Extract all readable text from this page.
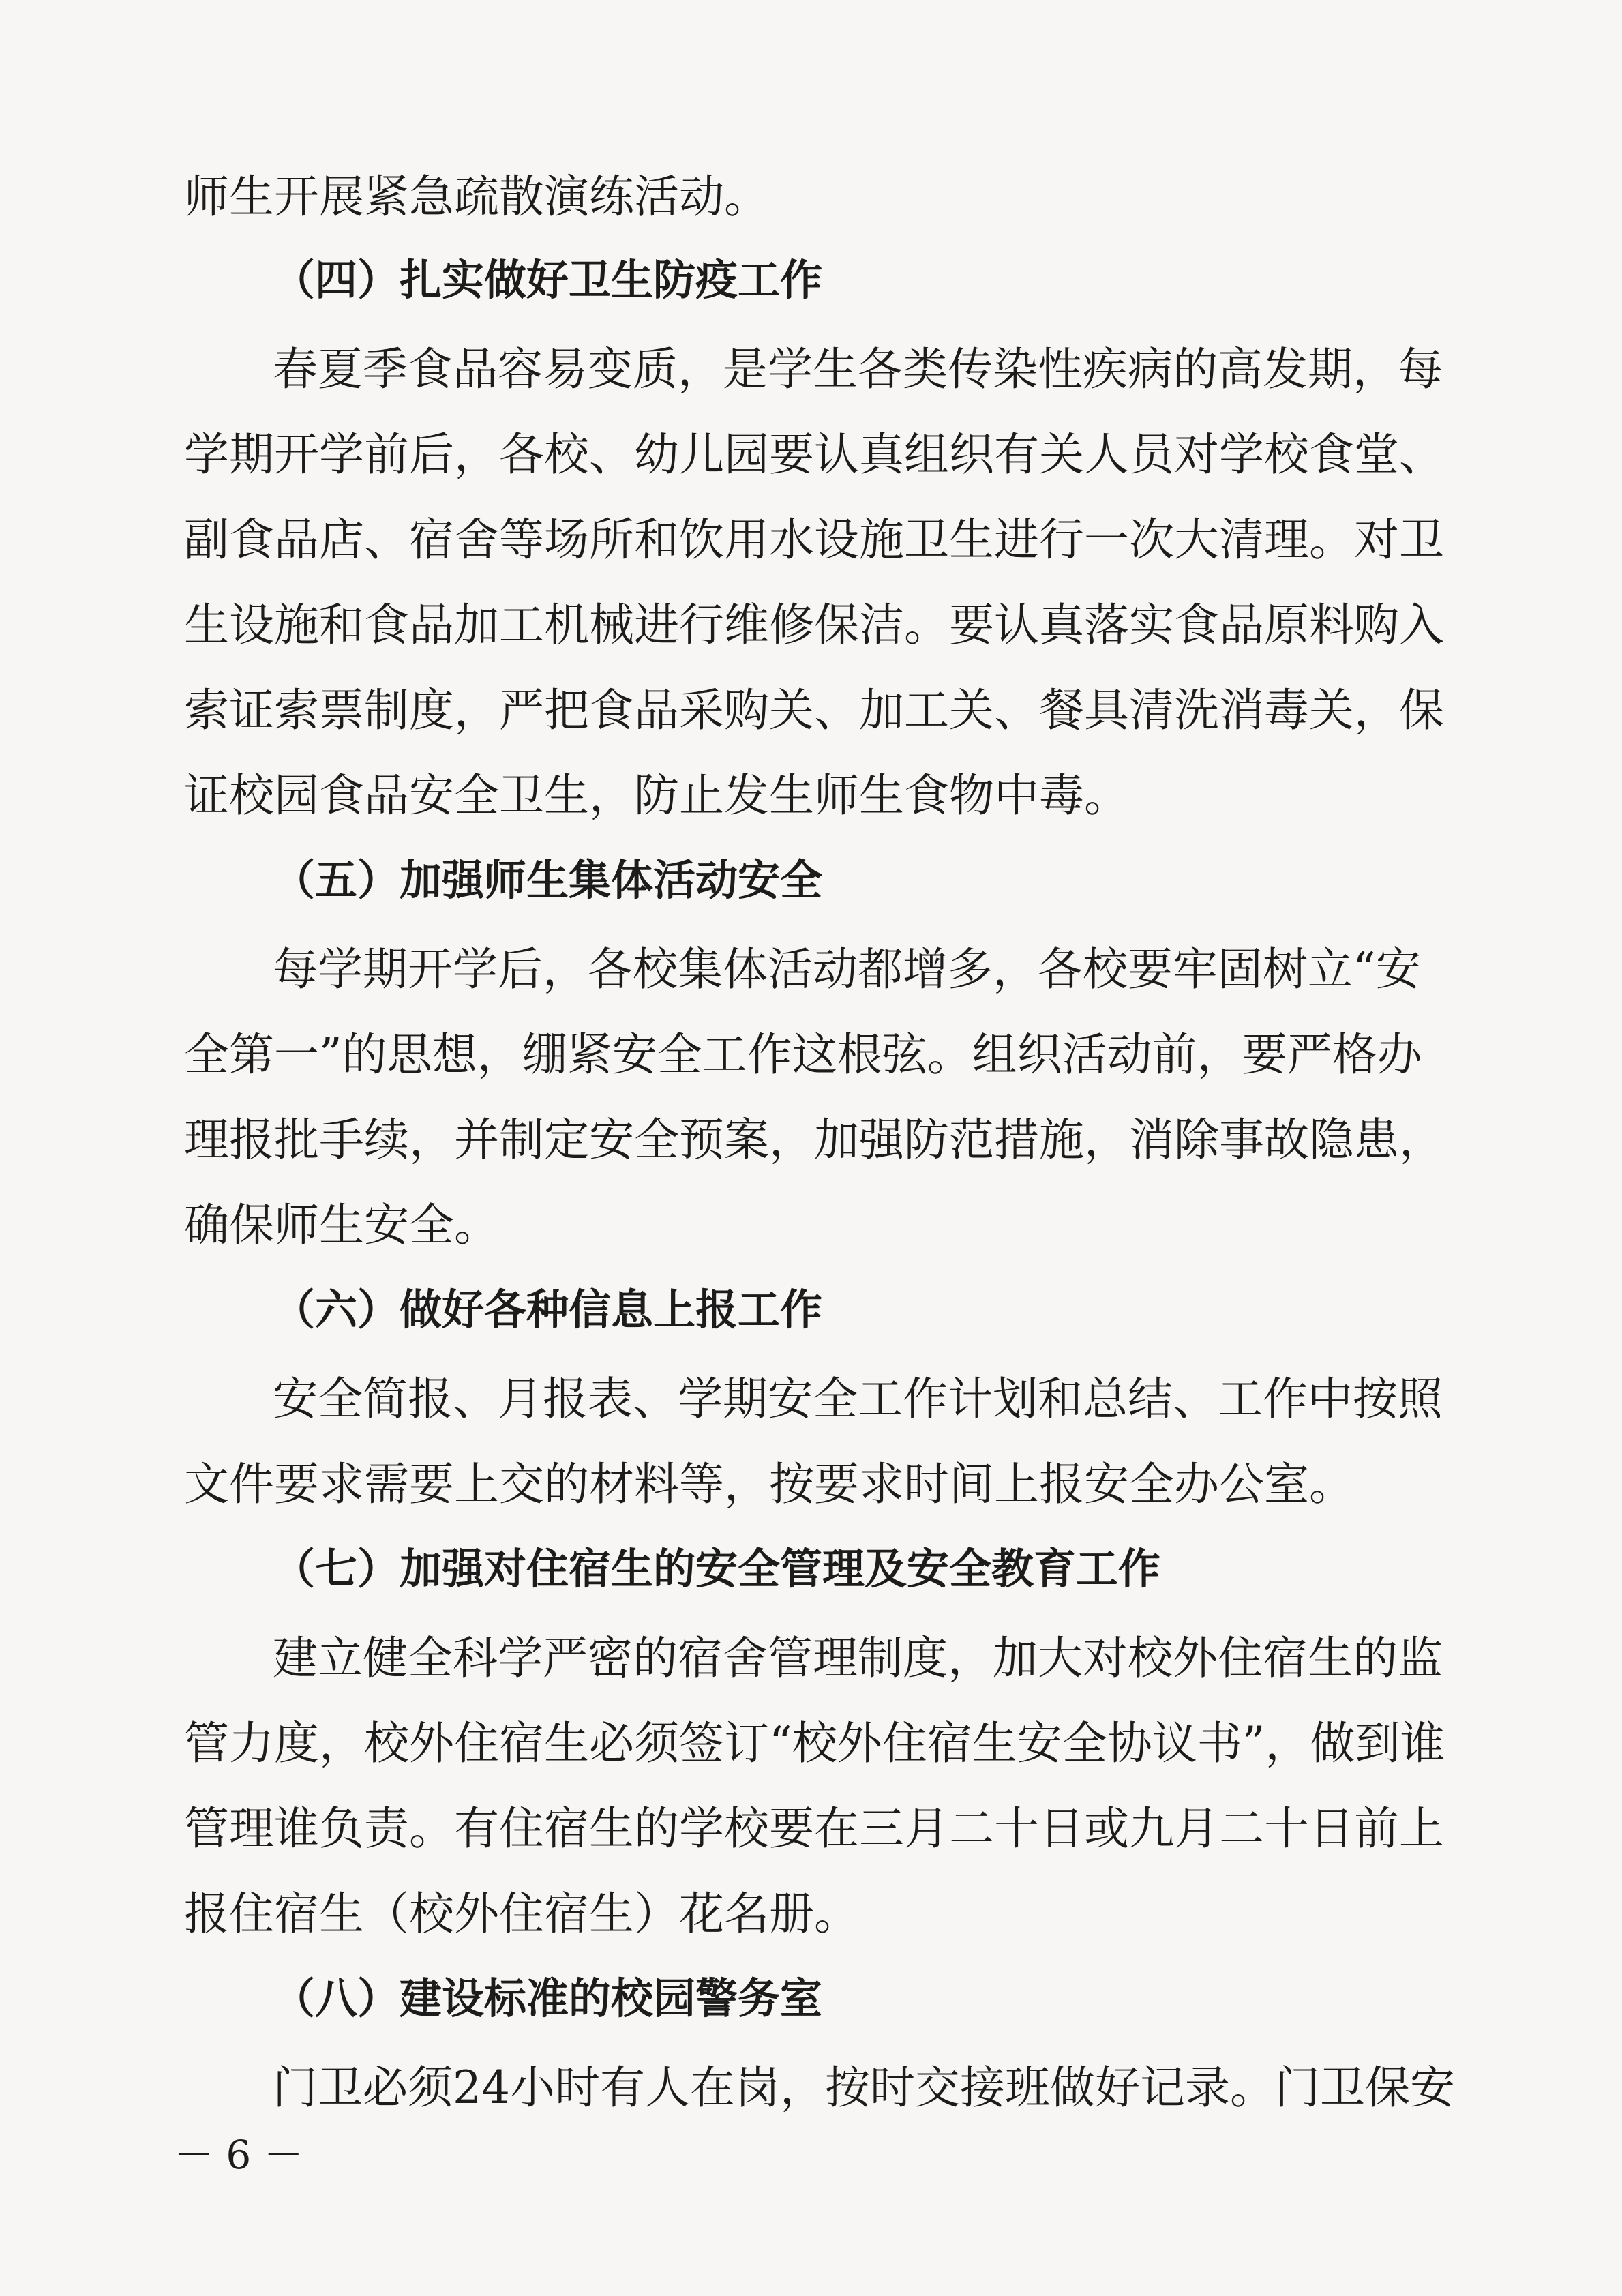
师生开展紧急疏散演练活动。
（四）扎实做好卫生防疫工作
春夏季食品容易变质，是学生各类传染性疾病的高发期，每
学期开学前后，各校、幼儿园要认真组织有关人员对学校食堂、
副食品店、宿舍等场所和饮用水设施卫生进行一次大清理。对卫
生设施和食品加工机械进行维修保洁。要认真落实食品原料购入
索证索票制度，严把食品采购关、加工关、餐具清洗消毒关，保
证校园食品安全卫生，防止发生师生食物中毒。
（五）加强师生集体活动安全
每学期开学后，各校集体活动都增多，各校要牢固树立“安
全第一”的思想，绷紧安全工作这根弦。组织活动前，要严格办
理报批手续，并制定安全预案，加强防范措施，消除事故隐患，
确保师生安全。
（六）做好各种信息上报工作
安全简报、月报表、学期安全工作计划和总结、工作中按照
文件要求需要上交的材料等，按要求时间上报安全办公室。
（七）加强对住宿生的安全管理及安全教育工作
建立健全科学严密的宿舍管理制度，加大对校外住宿生的监
管力度，校外住宿生必须签订“校外住宿生安全协议书”，做到谁
管理谁负责。有住宿生的学校要在三月二十日或九月二十日前上
报住宿生（校外住宿生）花名册。
（八）建设标准的校园警务室
门卫必须24小时有人在岗，按时交接班做好记录。门卫保安
－ 6 －
